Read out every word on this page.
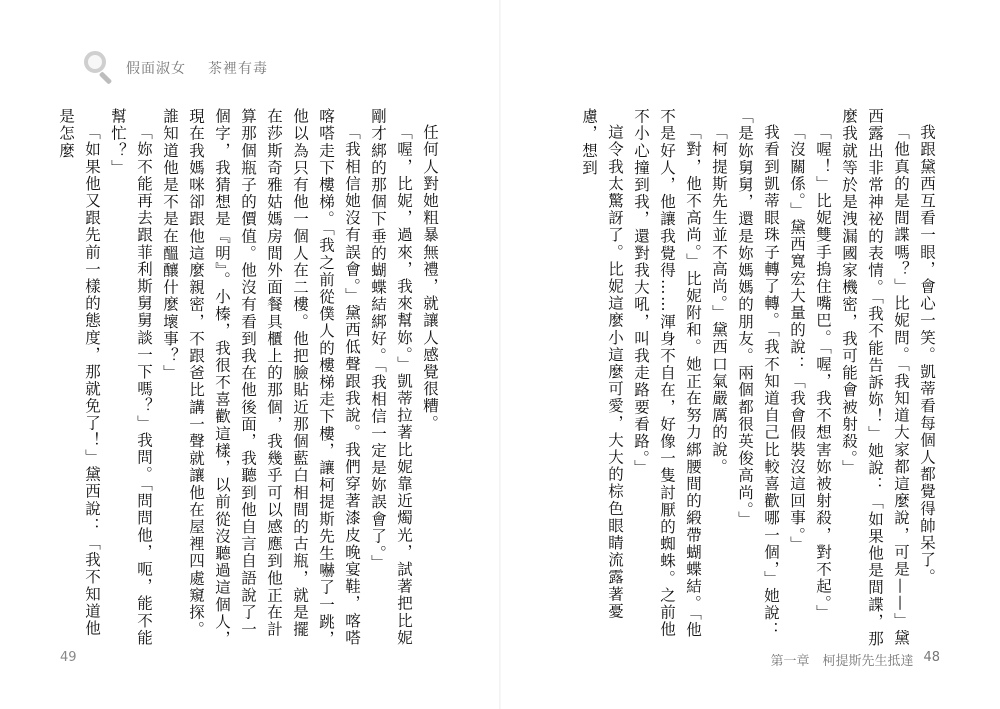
假面淑女 茶裡有毒

我跟黛西互看一眼，會心一笑。凱蒂看每個人都覺得帥呆了。

「他真的是間諜嗎？」比妮問。「我知道大家都這麼說，可是——」黛西露出非常神祕的表情。「我不能告訴妳！」她說：「如果他是間諜，那麼我就等於是洩漏國家機密，我可能會被射殺。」

「喔！」比妮雙手摀住嘴巴。「喔，我不想害妳被射殺，對不起。」

「沒關係。」黛西寬宏大量的說：「我會假裝沒這回事。」

我看到凱蒂眼珠子轉了轉。「我不知道自己比較喜歡哪一個，」她說：「是妳舅舅，還是妳媽媽的朋友。兩個都很英俊高尚。」

「柯提斯先生並不高尚。」黛西口氣嚴厲的說。

「對，他不高尚。」比妮附和。她正在努力綁腰間的緞帶蝴蝶結。「他不是好人，他讓我覺得……渾身不自在，好像一隻討厭的蜘蛛。之前他不小心撞到我，還對我大吼，叫我走路要看路。」

這令我太驚訝了。比妮這麼小這麼可愛，大大的棕色眼睛流露著憂慮，想到

任何人對她粗暴無禮，就讓人感覺很糟。

「喔，比妮，過來，我來幫妳。」凱蒂拉著比妮靠近燭光，試著把比妮剛才綁的那個下垂的蝴蝶結綁好。「我相信一定是妳誤會了。」

「我相信她沒有誤會。」黛西低聲跟我說。我們穿著漆皮晚宴鞋，喀嗒喀嗒走下樓梯。「我之前從僕人的樓梯走下樓，讓柯提斯先生嚇了一跳，他以為只有他一個人在二樓。他把臉貼近那個藍白相間的古瓶，就是擺在莎斯奇雅姑媽房間外面餐具櫃上的那個，我幾乎可以感應到他正在計算那個瓶子的價值。他沒有看到我在他後面，我聽到他自言自語說了一個字，我猜想是『明』。小榛，我很不喜歡這樣，以前從沒聽過這個人，現在我媽咪卻跟他這麼親密，不跟爸比講一聲就讓他在屋裡四處窺探。誰知道他是不是在醞釀什麼壞事？」

「妳不能再去跟菲利斯舅舅談一下嗎？」我問。「問問他，呃，能不能幫忙？」

「如果他又跟先前一樣的態度，那就免了！」黛西說：「我不知道他是怎麼

49	第一章　柯提斯先生抵達 48
